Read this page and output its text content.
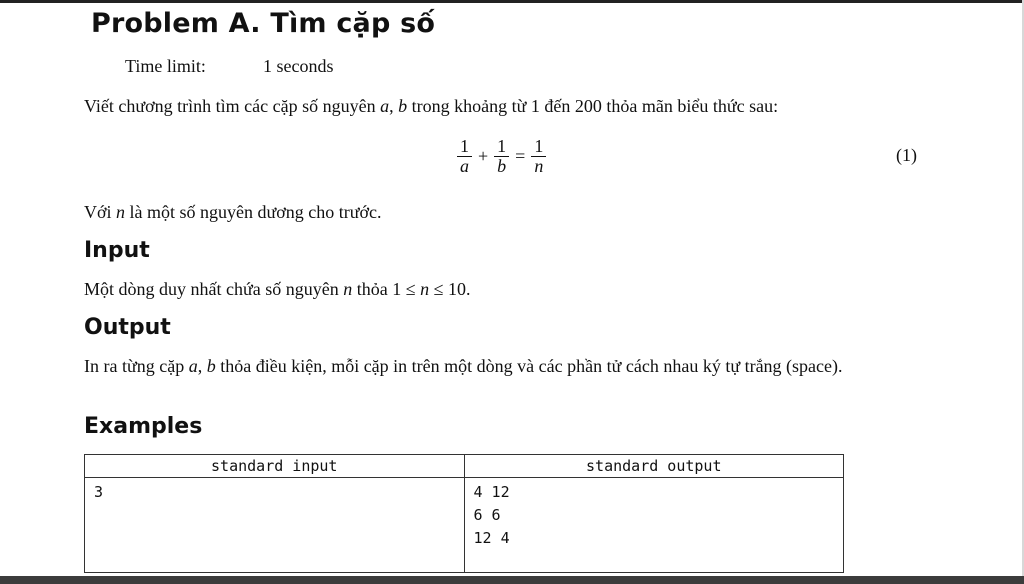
Problem A. Tìm cặp số
Time limit:	1 seconds

Viết chương trình tìm các cặp số nguyên a, b trong khoảng từ 1 đến 200 thỏa mãn biểu thức sau:

$\frac{1}{a} + \frac{1}{b} = \frac{1}{n}$	(1)

Với n là một số nguyên dương cho trước.

Input

Một dòng duy nhất chứa số nguyên n thỏa 1 ≤ n ≤ 10.

Output

In ra từng cặp a, b thỏa điều kiện, mỗi cặp in trên một dòng và các phần tử cách nhau ký tự trắng (space).

Examples
standard input	standard output

3	4 12
6 6
12 4
